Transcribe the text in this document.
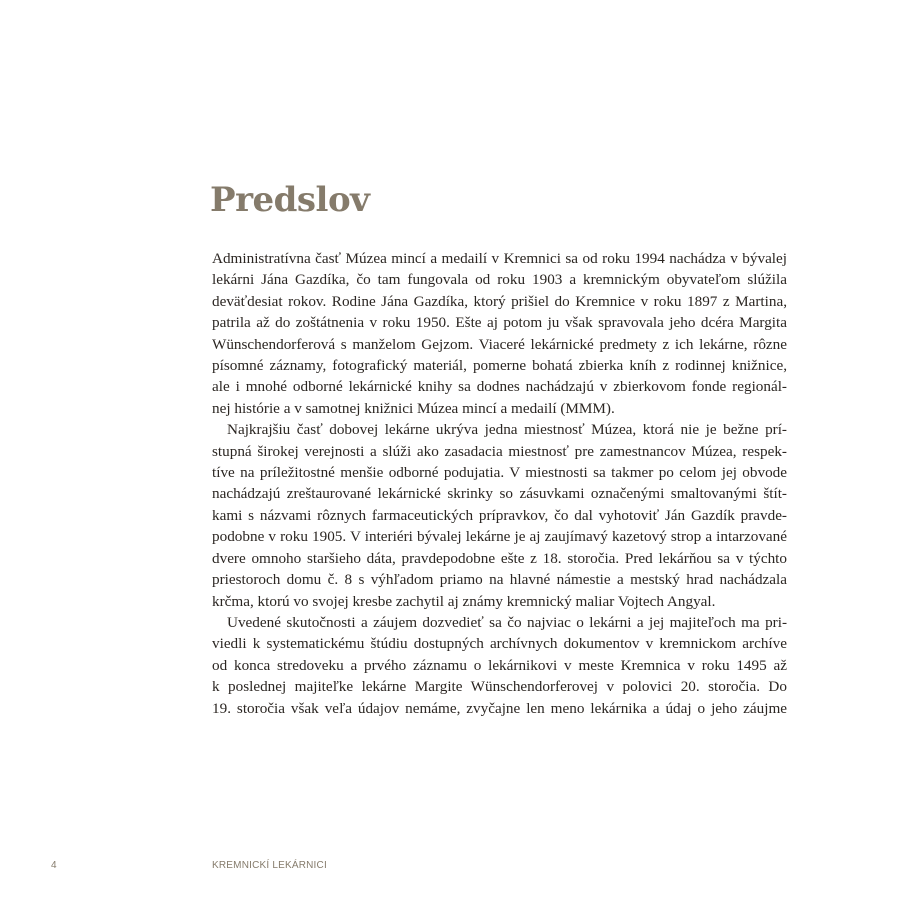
Predslov

Administratívna časť Múzea mincí a medailí v Kremnici sa od roku 1994 nachádza v bývalej
lekárni Jána Gazdíka, čo tam fungovala od roku 1903 a kremnickým obyvateľom slúžila
deväťdesiat rokov. Rodine Jána Gazdíka, ktorý prišiel do Kremnice v roku 1897 z Martina,
patrila až do zoštátnenia v roku 1950. Ešte aj potom ju však spravovala jeho dcéra Margita
Wünschendorferová s manželom Gejzom. Viaceré lekárnické predmety z ich lekárne, rôzne
písomné záznamy, fotografický materiál, pomerne bohatá zbierka kníh z rodinnej knižnice,
ale i mnohé odborné lekárnické knihy sa dodnes nachádzajú v zbierkovom fonde regionál-
nej histórie a v samotnej knižnici Múzea mincí a medailí (MMM).

Najkrajšiu časť dobovej lekárne ukrýva jedna miestnosť Múzea, ktorá nie je bežne prí-
stupná širokej verejnosti a slúži ako zasadacia miestnosť pre zamestnancov Múzea, respek-
tíve na príležitostné menšie odborné podujatia. V miestnosti sa takmer po celom jej obvode
nachádzajú zreštaurované lekárnické skrinky so zásuvkami označenými smaltovanými štít-
kami s názvami rôznych farmaceutických prípravkov, čo dal vyhotoviť Ján Gazdík pravde-
podobne v roku 1905. V interiéri bývalej lekárne je aj zaujímavý kazetový strop a intarzované
dvere omnoho staršieho dáta, pravdepodobne ešte z 18. storočia. Pred lekárňou sa v týchto
priestoroch domu č. 8 s výhľadom priamo na hlavné námestie a mestský hrad nachádzala
krčma, ktorú vo svojej kresbe zachytil aj známy kremnický maliar Vojtech Angyal.

Uvedené skutočnosti a záujem dozvedieť sa čo najviac o lekárni a jej majiteľoch ma pri-
viedli k systematickému štúdiu dostupných archívnych dokumentov v kremnickom archíve
od konca stredoveku a prvého záznamu o lekárnikovi v meste Kremnica v roku 1495 až
k poslednej majiteľke lekárne Margite Wünschendorferovej v polovici 20. storočia. Do
19. storočia však veľa údajov nemáme, zvyčajne len meno lekárnika a údaj o jeho záujme

4	KREMNICKÍ LEKÁRNICI
